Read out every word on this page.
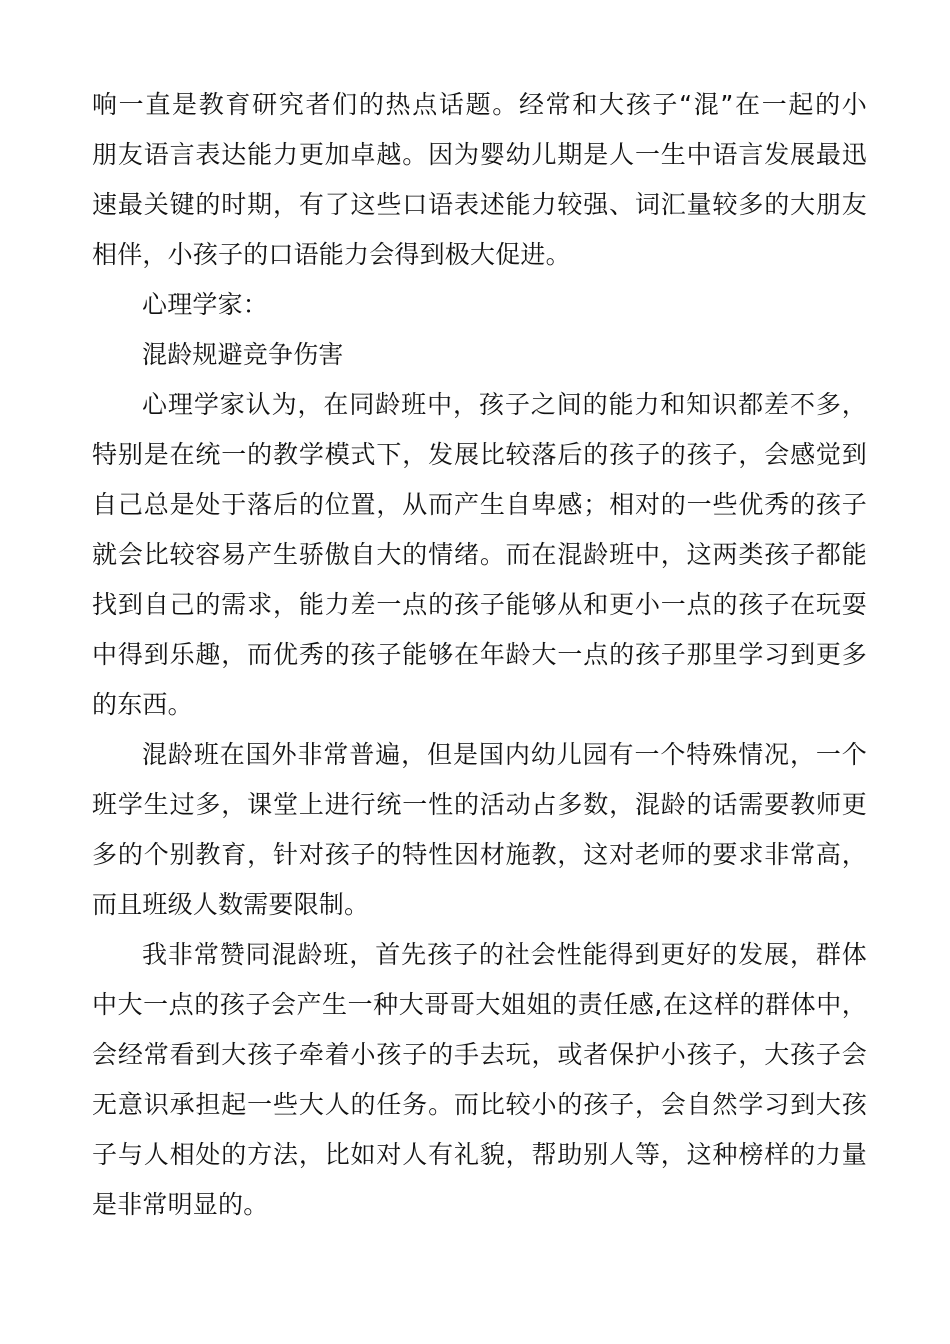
响一直是教育研究者们的热点话题。经常和大孩子“混”在一起的小
朋友语言表达能力更加卓越。因为婴幼儿期是人一生中语言发展最迅
速最关键的时期，有了这些口语表述能力较强、词汇量较多的大朋友
相伴，小孩子的口语能力会得到极大促进。
心理学家：
混龄规避竞争伤害
心理学家认为，在同龄班中，孩子之间的能力和知识都差不多，
特别是在统一的教学模式下，发展比较落后的孩子的孩子，会感觉到
自己总是处于落后的位置，从而产生自卑感；相对的一些优秀的孩子
就会比较容易产生骄傲自大的情绪。而在混龄班中，这两类孩子都能
找到自己的需求，能力差一点的孩子能够从和更小一点的孩子在玩耍
中得到乐趣，而优秀的孩子能够在年龄大一点的孩子那里学习到更多
的东西。
混龄班在国外非常普遍，但是国内幼儿园有一个特殊情况，一个
班学生过多，课堂上进行统一性的活动占多数，混龄的话需要教师更
多的个别教育，针对孩子的特性因材施教，这对老师的要求非常高，
而且班级人数需要限制。
我非常赞同混龄班，首先孩子的社会性能得到更好的发展，群体
中大一点的孩子会产生一种大哥哥大姐姐的责任感,在这样的群体中，
会经常看到大孩子牵着小孩子的手去玩，或者保护小孩子，大孩子会
无意识承担起一些大人的任务。而比较小的孩子，会自然学习到大孩
子与人相处的方法，比如对人有礼貌，帮助别人等，这种榜样的力量
是非常明显的。
